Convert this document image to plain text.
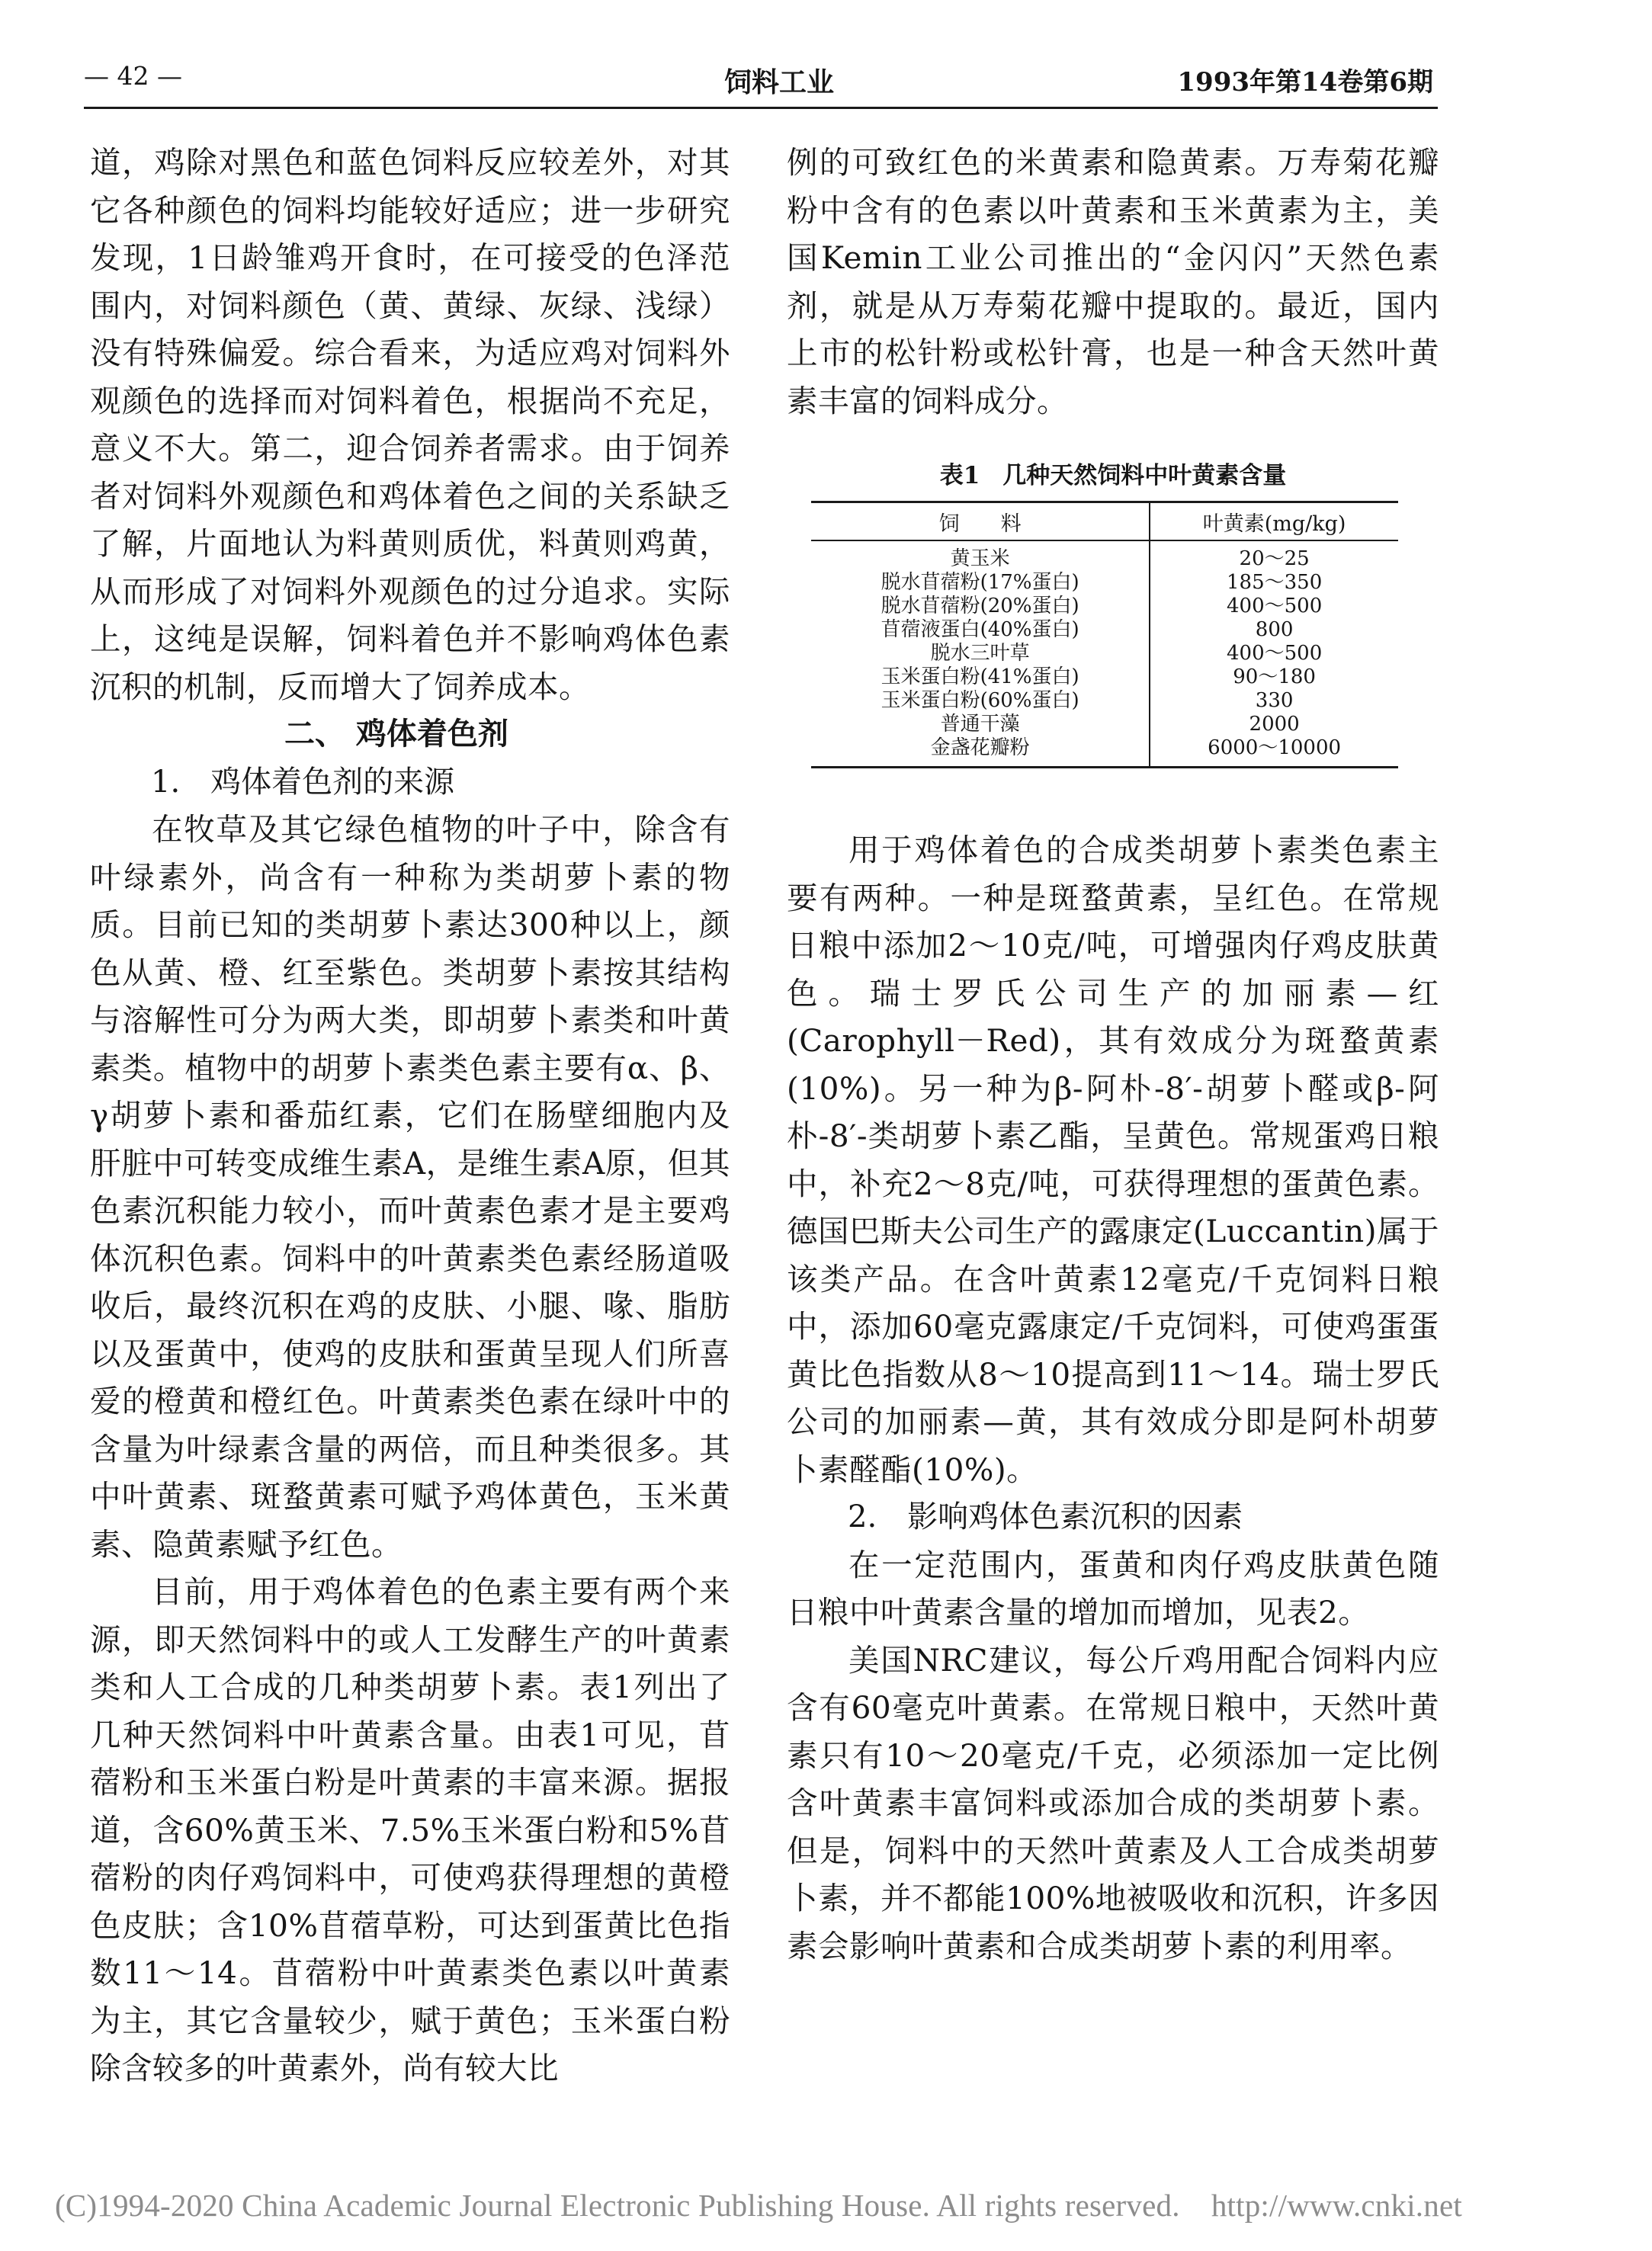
— 42 —	饲料工业	1993年第14卷第6期

道，鸡除对黑色和蓝色饲料反应较差外，对其它各种颜色的饲料均能较好适应；进一步研究发现，1日龄雏鸡开食时，在可接受的色泽范围内，对饲料颜色（黄、黄绿、灰绿、浅绿）没有特殊偏爱。综合看来，为适应鸡对饲料外观颜色的选择而对饲料着色，根据尚不充足，意义不大。第二，迎合饲养者需求。由于饲养者对饲料外观颜色和鸡体着色之间的关系缺乏了解，片面地认为料黄则质优，料黄则鸡黄，从而形成了对饲料外观颜色的过分追求。实际上，这纯是误解，饲料着色并不影响鸡体色素沉积的机制，反而增大了饲养成本。

二、 鸡体着色剂

1.　鸡体着色剂的来源

在牧草及其它绿色植物的叶子中，除含有叶绿素外，尚含有一种称为类胡萝卜素的物质。目前已知的类胡萝卜素达300种以上，颜色从黄、橙、红至紫色。类胡萝卜素按其结构与溶解性可分为两大类，即胡萝卜素类和叶黄素类。植物中的胡萝卜素类色素主要有α、β、γ胡萝卜素和番茄红素，它们在肠壁细胞内及肝脏中可转变成维生素A，是维生素A原，但其色素沉积能力较小，而叶黄素色素才是主要鸡体沉积色素。饲料中的叶黄素类色素经肠道吸收后，最终沉积在鸡的皮肤、小腿、喙、脂肪以及蛋黄中，使鸡的皮肤和蛋黄呈现人们所喜爱的橙黄和橙红色。叶黄素类色素在绿叶中的含量为叶绿素含量的两倍，而且种类很多。其中叶黄素、斑蝥黄素可赋予鸡体黄色，玉米黄素、隐黄素赋予红色。

目前，用于鸡体着色的色素主要有两个来源，即天然饲料中的或人工发酵生产的叶黄素类和人工合成的几种类胡萝卜素。表1列出了几种天然饲料中叶黄素含量。由表1可见，苜蓿粉和玉米蛋白粉是叶黄素的丰富来源。据报道，含60%黄玉米、7.5%玉米蛋白粉和5%苜蓿粉的肉仔鸡饲料中，可使鸡获得理想的黄橙色皮肤；含10%苜蓿草粉，可达到蛋黄比色指数11～14。苜蓿粉中叶黄素类色素以叶黄素为主，其它含量较少，赋于黄色；玉米蛋白粉除含较多的叶黄素外，尚有较大比

例的可致红色的米黄素和隐黄素。万寿菊花瓣粉中含有的色素以叶黄素和玉米黄素为主，美国Kemin工业公司推出的“金闪闪”天然色素剂，就是从万寿菊花瓣中提取的。最近，国内上市的松针粉或松针膏，也是一种含天然叶黄素丰富的饲料成分。

表1 几种天然饲料中叶黄素含量
饲　　料	叶黄素(mg/kg)
黄玉米	20～25
脱水苜蓿粉(17%蛋白)	185～350
脱水苜蓿粉(20%蛋白)	400～500
苜蓿液蛋白(40%蛋白)	800
脱水三叶草	400～500
玉米蛋白粉(41%蛋白)	90～180
玉米蛋白粉(60%蛋白)	330
普通干藻	2000
金盏花瓣粉	6000～10000

用于鸡体着色的合成类胡萝卜素类色素主要有两种。一种是斑蝥黄素，呈红色。在常规日粮中添加2～10克/吨，可增强肉仔鸡皮肤黄色。瑞士罗氏公司生产的加丽素—红(Carophyll－Red)，其有效成分为斑蝥黄素(10%)。另一种为β-阿朴-8′-胡萝卜醛或β-阿朴-8′-类胡萝卜素乙酯，呈黄色。常规蛋鸡日粮中，补充2～8克/吨，可获得理想的蛋黄色素。德国巴斯夫公司生产的露康定(Luccantin)属于该类产品。在含叶黄素12毫克/千克饲料日粮中，添加60毫克露康定/千克饲料，可使鸡蛋蛋黄比色指数从8～10提高到11～14。瑞士罗氏公司的加丽素—黄，其有效成分即是阿朴胡萝卜素醛酯(10%)。

2.　影响鸡体色素沉积的因素

在一定范围内，蛋黄和肉仔鸡皮肤黄色随日粮中叶黄素含量的增加而增加，见表2。

美国NRC建议，每公斤鸡用配合饲料内应含有60毫克叶黄素。在常规日粮中，天然叶黄素只有10～20毫克/千克，必须添加一定比例含叶黄素丰富饲料或添加合成的类胡萝卜素。但是，饲料中的天然叶黄素及人工合成类胡萝卜素，并不都能100%地被吸收和沉积，许多因素会影响叶黄素和合成类胡萝卜素的利用率。

(C)1994-2020 China Academic Journal Electronic Publishing House. All rights reserved.　http://www.cnki.net
